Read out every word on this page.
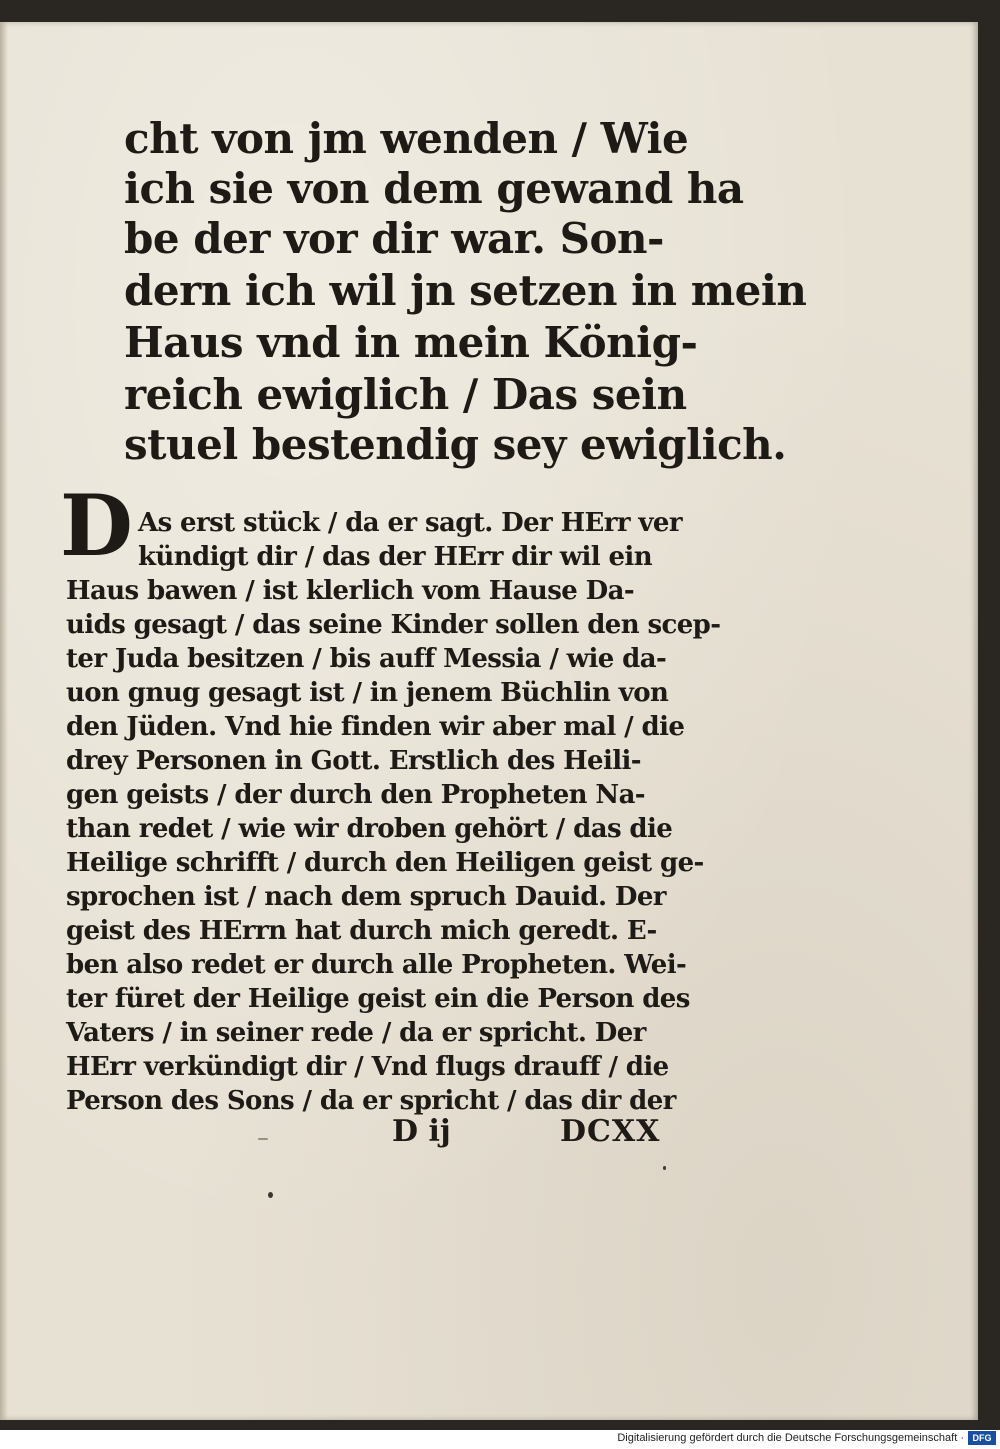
cht von jm wenden / Wie

ich sie von dem gewand ha

be der vor dir war. Son-

dern ich wil jn setzen in mein

Haus vnd in mein König-

reich ewiglich / Das sein

stuel bestendig sey ewiglich.

D As erst stück / da er sagt. Der HErr ver

kündigt dir / das der HErr dir wil ein

Haus bawen / ist klerlich vom Hause Da-

uids gesagt / das seine Kinder sollen den scep-

ter Juda besitzen / bis auff Messia / wie da-

uon gnug gesagt ist / in jenem Büchlin von

den Jüden. Vnd hie finden wir aber mal / die

drey Personen in Gott. Erstlich des Heili-

gen geists / der durch den Propheten Na-

than redet / wie wir droben gehört / das die

Heilige schrifft / durch den Heiligen geist ge-

sprochen ist / nach dem spruch Dauid. Der

geist des HErrn hat durch mich geredt. E-

ben also redet er durch alle Propheten. Wei-

ter füret der Heilige geist ein die Person des

Vaters / in seiner rede / da er spricht. Der

HErr verkündigt dir / Vnd flugs drauff / die

Person des Sons / da er spricht / das dir der

D ij	DCXX
Digitalisierung gefördert durch die Deutsche Forschungsgemeinschaft · DFG
